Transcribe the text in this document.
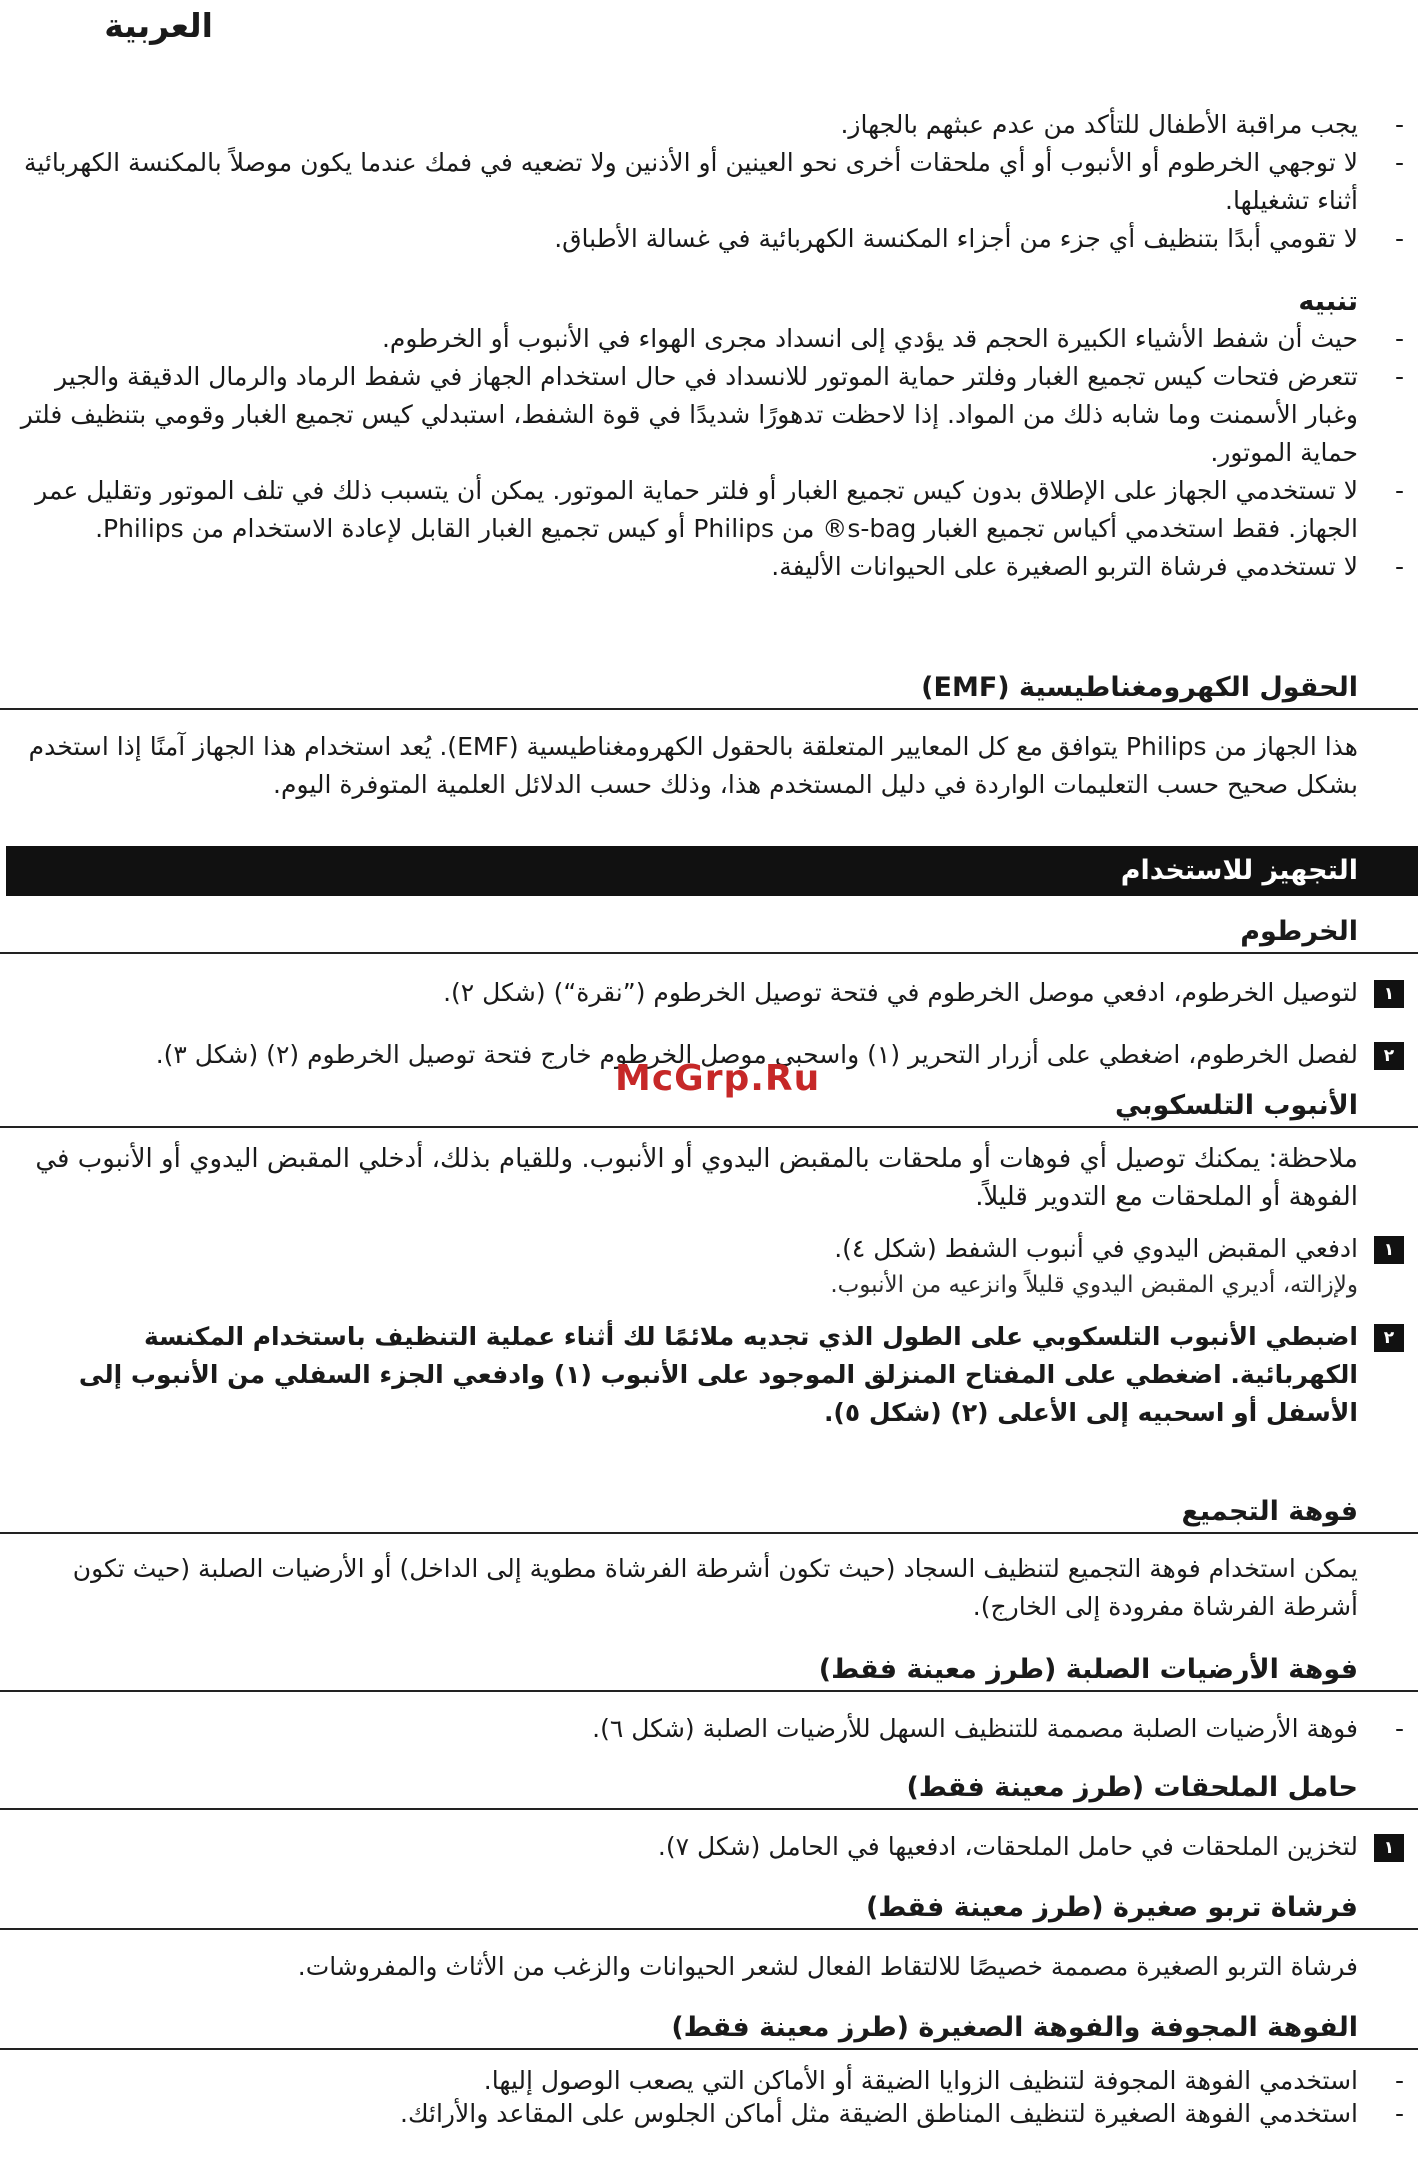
العربية
- يجب مراقبة الأطفال للتأكد من عدم عبثهم بالجهاز.
- لا توجهي الخرطوم أو الأنبوب أو أي ملحقات أخرى نحو العينين أو الأذنين ولا تضعيه في فمك عندما يكون موصلاً بالمكنسة الكهربائية أثناء تشغيلها.
- لا تقومي أبدًا بتنظيف أي جزء من أجزاء المكنسة الكهربائية في غسالة الأطباق.
تنبيه
- حيث أن شفط الأشياء الكبيرة الحجم قد يؤدي إلى انسداد مجرى الهواء في الأنبوب أو الخرطوم.
- تتعرض فتحات كيس تجميع الغبار وفلتر حماية الموتور للانسداد في حال استخدام الجهاز في شفط الرماد والرمال الدقيقة والجير وغبار الأسمنت وما شابه ذلك من المواد. إذا لاحظت تدهورًا شديدًا في قوة الشفط، استبدلي كيس تجميع الغبار وقومي بتنظيف فلتر حماية الموتور.
- لا تستخدمي الجهاز على الإطلاق بدون كيس تجميع الغبار أو فلتر حماية الموتور. يمكن أن يتسبب ذلك في تلف الموتور وتقليل عمر الجهاز. فقط استخدمي أكياس تجميع الغبار s-bag® من Philips أو كيس تجميع الغبار القابل لإعادة الاستخدام من Philips.
- لا تستخدمي فرشاة التربو الصغيرة على الحيوانات الأليفة.
الحقول الكهرومغناطيسية (EMF)

هذا الجهاز من Philips يتوافق مع كل المعايير المتعلقة بالحقول الكهرومغناطيسية (EMF). يُعد استخدام هذا الجهاز آمنًا إذا استخدم بشكل صحيح حسب التعليمات الواردة في دليل المستخدم هذا، وذلك حسب الدلائل العلمية المتوفرة اليوم.

التجهيز للاستخدام
الخرطوم

١
لتوصيل الخرطوم، ادفعي موصل الخرطوم في فتحة توصيل الخرطوم (”نقرة“) (شكل ٢).

٢
لفصل الخرطوم، اضغطي على أزرار التحرير (١) واسحبي موصل الخرطوم خارج فتحة توصيل الخرطوم (٢) (شكل ٣).

الأنبوب التلسكوبي

ملاحظة: يمكنك توصيل أي فوهات أو ملحقات بالمقبض اليدوي أو الأنبوب. وللقيام بذلك، أدخلي المقبض اليدوي أو الأنبوب في الفوهة أو الملحقات مع التدوير قليلاً.

١
ادفعي المقبض اليدوي في أنبوب الشفط (شكل ٤).

ولإزالته، أديري المقبض اليدوي قليلاً وانزعيه من الأنبوب.

٢
اضبطي الأنبوب التلسكوبي على الطول الذي تجديه ملائمًا لك أثناء عملية التنظيف باستخدام المكنسة الكهربائية. اضغطي على المفتاح المنزلق الموجود على الأنبوب (١) وادفعي الجزء السفلي من الأنبوب إلى الأسفل أو اسحبيه إلى الأعلى (٢) (شكل ٥).

فوهة التجميع

يمكن استخدام فوهة التجميع لتنظيف السجاد (حيث تكون أشرطة الفرشاة مطوية إلى الداخل) أو الأرضيات الصلبة (حيث تكون أشرطة الفرشاة مفرودة إلى الخارج).

فوهة الأرضيات الصلبة (طرز معينة فقط)
- فوهة الأرضيات الصلبة مصممة للتنظيف السهل للأرضيات الصلبة (شكل ٦).
حامل الملحقات (طرز معينة فقط)

١
لتخزين الملحقات في حامل الملحقات، ادفعيها في الحامل (شكل ٧).

فرشاة تربو صغيرة (طرز معينة فقط)

فرشاة التربو الصغيرة مصممة خصيصًا للالتقاط الفعال لشعر الحيوانات والزغب من الأثاث والمفروشات.

الفوهة المجوفة والفوهة الصغيرة (طرز معينة فقط)
- استخدمي الفوهة المجوفة لتنظيف الزوايا الضيقة أو الأماكن التي يصعب الوصول إليها.
- استخدمي الفوهة الصغيرة لتنظيف المناطق الضيقة مثل أماكن الجلوس على المقاعد والأرائك.
McGrp.Ru
